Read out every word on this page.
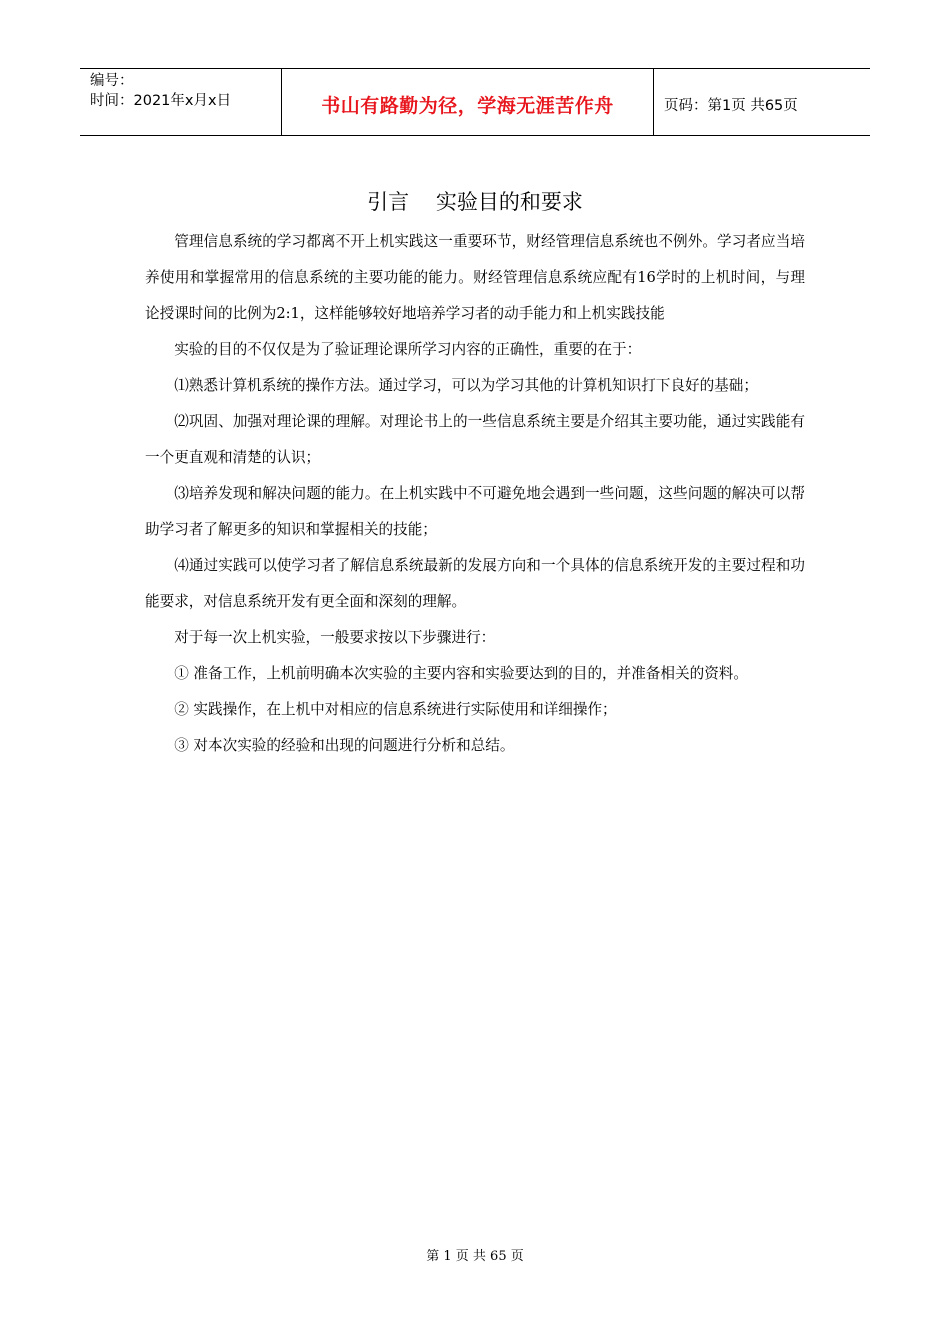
编号：
时间：2021年x月x日	书山有路勤为径，学海无涯苦作舟	页码：第1页 共65页
引言    实验目的和要求

管理信息系统的学习都离不开上机实践这一重要环节，财经管理信息系统也不例外。学习者应当培养使用和掌握常用的信息系统的主要功能的能力。财经管理信息系统应配有16学时的上机时间，与理论授课时间的比例为2:1，这样能够较好地培养学习者的动手能力和上机实践技能

实验的目的不仅仅是为了验证理论课所学习内容的正确性，重要的在于：

⑴熟悉计算机系统的操作方法。通过学习，可以为学习其他的计算机知识打下良好的基础；

⑵巩固、加强对理论课的理解。对理论书上的一些信息系统主要是介绍其主要功能，通过实践能有一个更直观和清楚的认识；

⑶培养发现和解决问题的能力。在上机实践中不可避免地会遇到一些问题，这些问题的解决可以帮助学习者了解更多的知识和掌握相关的技能；

⑷通过实践可以使学习者了解信息系统最新的发展方向和一个具体的信息系统开发的主要过程和功能要求，对信息系统开发有更全面和深刻的理解。

对于每一次上机实验，一般要求按以下步骤进行：

① 准备工作，上机前明确本次实验的主要内容和实验要达到的目的，并准备相关的资料。

② 实践操作，在上机中对相应的信息系统进行实际使用和详细操作；

③ 对本次实验的经验和出现的问题进行分析和总结。

第 1 页 共 65 页
